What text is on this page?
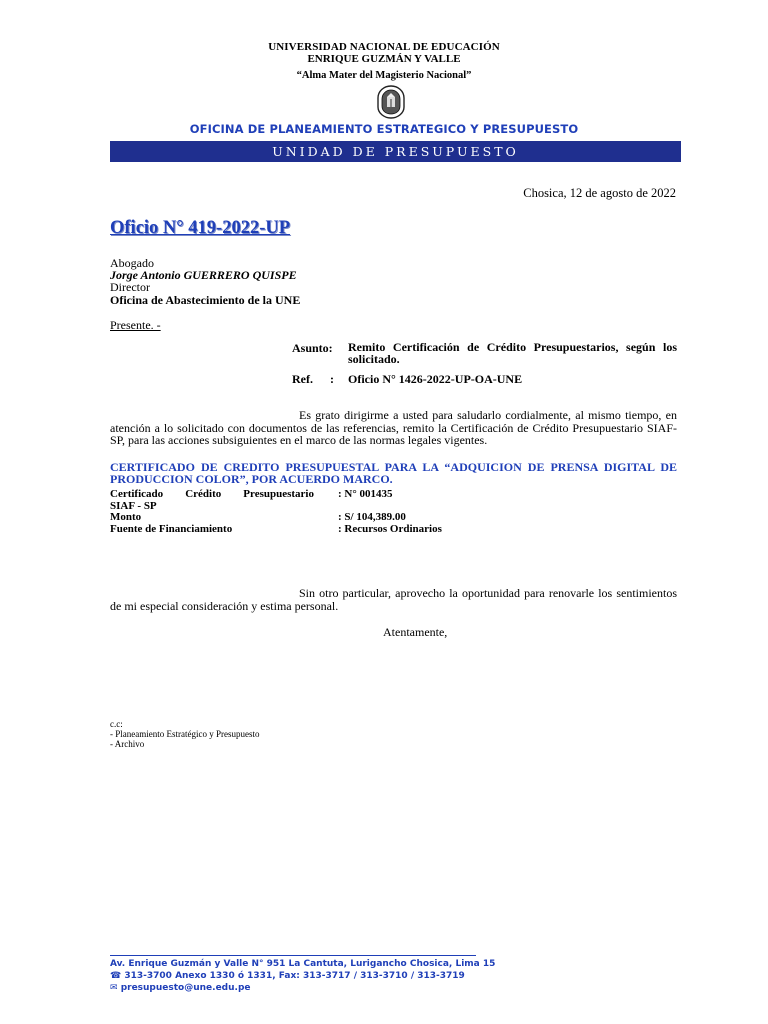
UNIVERSIDAD NACIONAL DE EDUCACIÓN
ENRIQUE GUZMÁN Y VALLE
“Alma Mater del Magisterio Nacional”
OFICINA DE PLANEAMIENTO ESTRATEGICO Y PRESUPUESTO
UNIDAD DE PRESUPUESTO
Chosica, 12 de agosto de 2022
Oficio N° 419-2022-UP
Abogado
Jorge Antonio GUERRERO QUISPE
Director
Oficina de Abastecimiento de la UNE
Presente. -
Asunto: Remito Certificación de Crédito Presupuestarios, según los solicitado.
Ref. : Oficio N° 1426-2022-UP-OA-UNE
Es grato dirigirme a usted para saludarlo cordialmente, al mismo tiempo, en atención a lo solicitado con documentos de las referencias, remito la Certificación de Crédito Presupuestario SIAF-SP, para las acciones subsiguientes en el marco de las normas legales vigentes.
CERTIFICADO DE CREDITO PRESUPUESTAL PARA LA “ADQUICION DE PRENSA DIGITAL DE PRODUCCION COLOR”, POR ACUERDO MARCO.
Certificado Crédito Presupuestario : N° 001435
SIAF - SP
Monto	: S/ 104,389.00
Fuente de Financiamiento	: Recursos Ordinarios
Sin otro particular, aprovecho la oportunidad para renovarle los sentimientos de mi especial consideración y estima personal.
Atentamente,
c.c:
- Planeamiento Estratégico y Presupuesto
- Archivo
Av. Enrique Guzmán y Valle N° 951 La Cantuta, Lurigancho Chosica, Lima 15
☎ 313-3700 Anexo 1330 ó 1331, Fax: 313-3717 / 313-3710 / 313-3719
✉ presupuesto@une.edu.pe
